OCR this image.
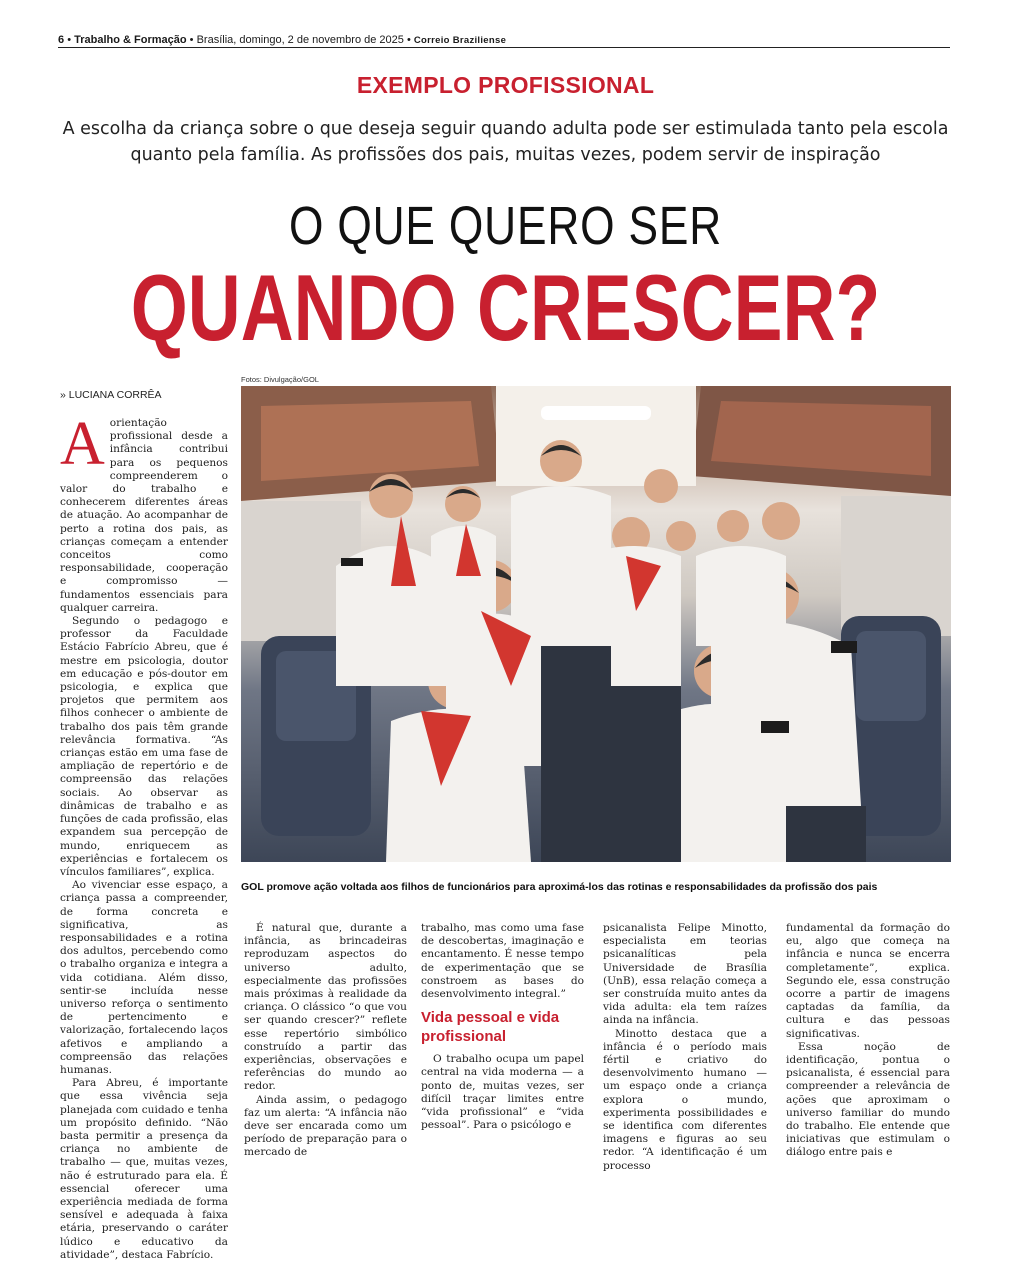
6 • Trabalho & Formação • Brasília, domingo, 2 de novembro de 2025 • Correio Braziliense
EXEMPLO PROFISSIONAL
A escolha da criança sobre o que deseja seguir quando adulta pode ser estimulada tanto pela escola quanto pela família. As profissões dos pais, muitas vezes, podem servir de inspiração
O QUE QUERO SER
QUANDO CRESCER?
» LUCIANA CORRÊA
Fotos: Divulgação/GOL
GOL promove ação voltada aos filhos de funcionários para aproximá-los das rotinas e responsabilidades da profissão dos pais

Aorientação profissional desde a infância contribui para os pequenos compreenderem o valor do trabalho e conhecerem diferentes áreas de atuação. Ao acompanhar de perto a rotina dos pais, as crianças começam a entender conceitos como responsabilidade, cooperação e compromisso — fundamentos essenciais para qualquer carreira.

Segundo o pedagogo e professor da Faculdade Estácio Fabrício Abreu, que é mestre em psicologia, doutor em educação e pós-doutor em psicologia, e explica que projetos que permitem aos filhos conhecer o ambiente de trabalho dos pais têm grande relevância formativa. “As crianças estão em uma fase de ampliação de repertório e de compreensão das relações sociais. Ao observar as dinâmicas de trabalho e as funções de cada profissão, elas expandem sua percepção de mundo, enriquecem as experiências e fortalecem os vínculos familiares”, explica.

Ao vivenciar esse espaço, a criança passa a compreender, de forma concreta e significativa, as responsabilidades e a rotina dos adultos, percebendo como o trabalho organiza e integra a vida cotidiana. Além disso, sentir-se incluída nesse universo reforça o sentimento de pertencimento e valorização, fortalecendo laços afetivos e ampliando a compreensão das relações humanas.

Para Abreu, é importante que essa vivência seja planejada com cuidado e tenha um propósito definido. “Não basta permitir a presença da criança no ambiente de trabalho — que, muitas vezes, não é estruturado para ela. É essencial oferecer uma experiência mediada de forma sensível e adequada à faixa etária, preservando o caráter lúdico e educativo da atividade”, destaca Fabrício.

É natural que, durante a infância, as brincadeiras reproduzam aspectos do universo adulto, especialmente das profissões mais próximas à realidade da criança. O clássico “o que vou ser quando crescer?” reflete esse repertório simbólico construído a partir das experiências, observações e referências do mundo ao redor.

Ainda assim, o pedagogo faz um alerta: “A infância não deve ser encarada como um período de preparação para o mercado de

trabalho, mas como uma fase de descobertas, imaginação e encantamento. É nesse tempo de experimentação que se constroem as bases do desenvolvimento integral.”

Vida pessoal e vida profissional

O trabalho ocupa um papel central na vida moderna — a ponto de, muitas vezes, ser difícil traçar limites entre “vida profissional” e “vida pessoal”. Para o psicólogo e

psicanalista Felipe Minotto, especialista em teorias psicanalíticas pela Universidade de Brasília (UnB), essa relação começa a ser construída muito antes da vida adulta: ela tem raízes ainda na infância.

Minotto destaca que a infância é o período mais fértil e criativo do desenvolvimento humano — um espaço onde a criança explora o mundo, experimenta possibilidades e se identifica com diferentes imagens e figuras ao seu redor. “A identificação é um processo

fundamental da formação do eu, algo que começa na infância e nunca se encerra completamente”, explica. Segundo ele, essa construção ocorre a partir de imagens captadas da família, da cultura e das pessoas significativas.

Essa noção de identificação, pontua o psicanalista, é essencial para compreender a relevância de ações que aproximam o universo familiar do mundo do trabalho. Ele entende que iniciativas que estimulam o diálogo entre pais e
